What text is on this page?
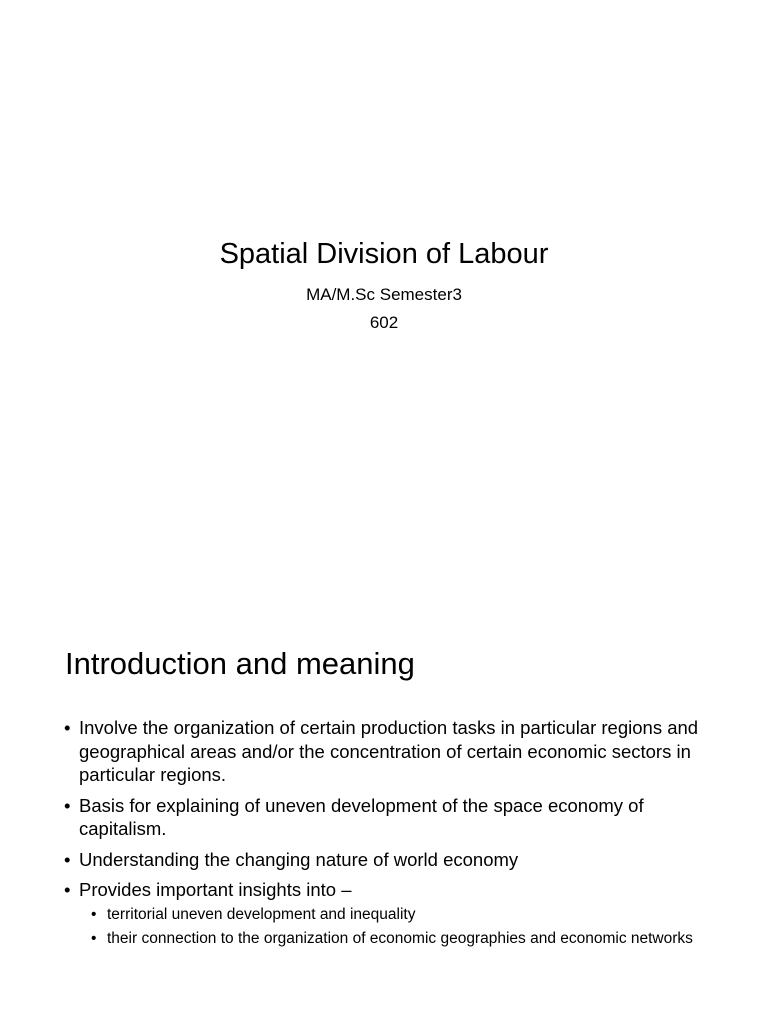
Spatial Division of Labour

MA/M.Sc Semester3

602

Introduction and meaning
• Involve the organization of certain production tasks in particular regions and geographical areas and/or the concentration of certain economic sectors in particular regions.
• Basis for explaining of uneven development of the space economy of capitalism.
• Understanding the changing nature of world economy
• Provides important insights into –
• territorial uneven development and inequality
• their connection to the organization of economic geographies and economic networks
